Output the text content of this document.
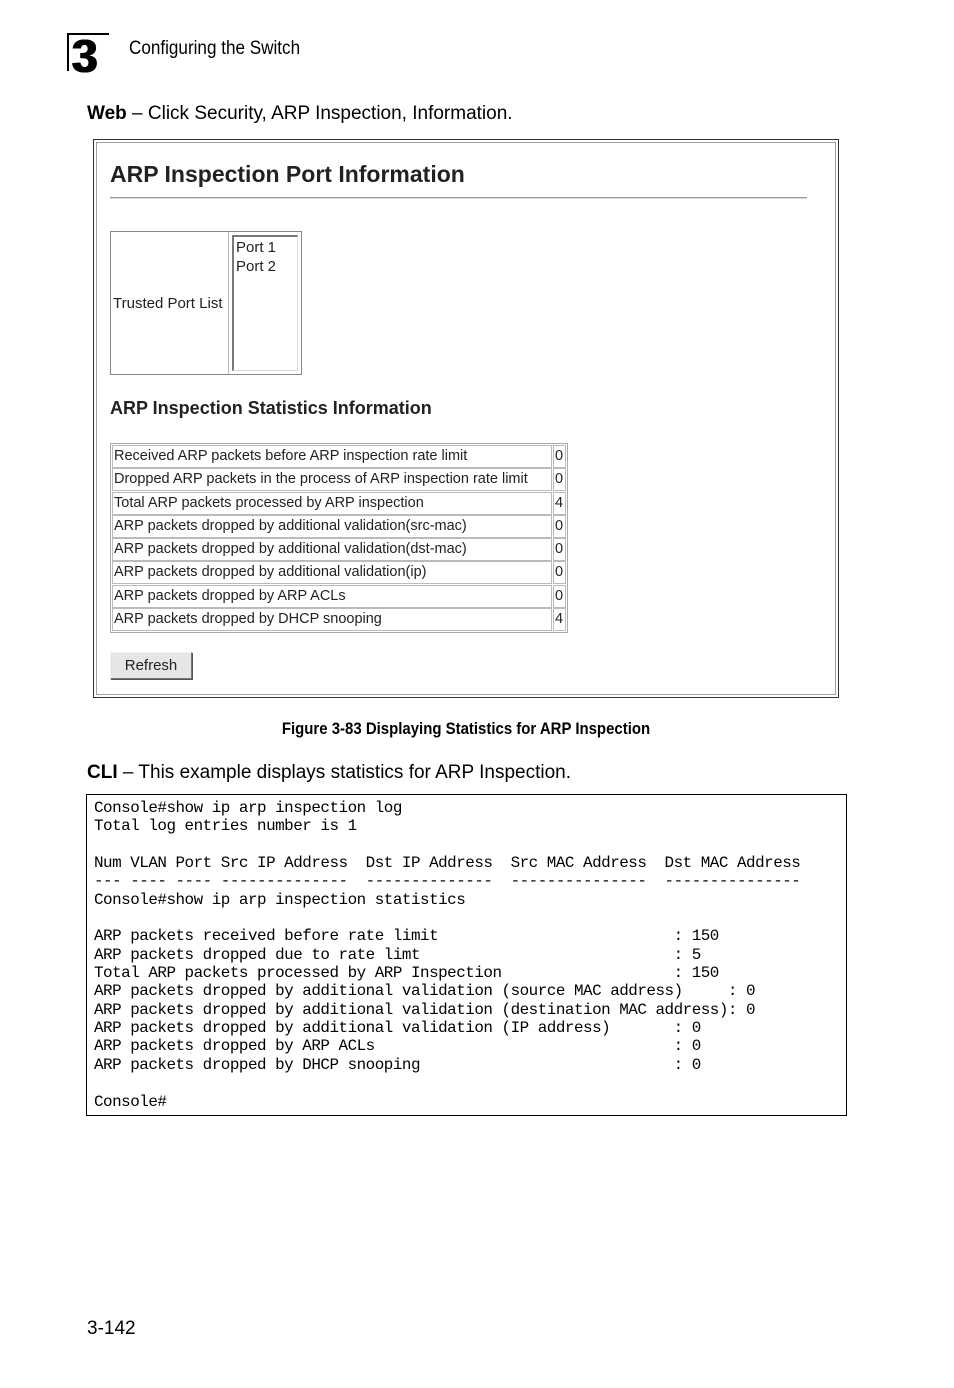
3 Configuring the Switch
Web – Click Security, ARP Inspection, Information.
ARP Inspection Port Information
Trusted Port List
Port 1
Port 2
ARP Inspection Statistics Information
Received ARP packets before ARP inspection rate limit	0
Dropped ARP packets in the process of ARP inspection rate limit	0
Total ARP packets processed by ARP inspection	4
ARP packets dropped by additional validation(src-mac)	0
ARP packets dropped by additional validation(dst-mac)	0
ARP packets dropped by additional validation(ip)	0
ARP packets dropped by ARP ACLs	0
ARP packets dropped by DHCP snooping	4
Refresh
Figure 3-83 Displaying Statistics for ARP Inspection
CLI – This example displays statistics for ARP Inspection.
Console#show ip arp inspection log
Total log entries number is 1

Num VLAN Port Src IP Address  Dst IP Address  Src MAC Address  Dst MAC Address
--- ---- ---- --------------  --------------  ---------------  ---------------
Console#show ip arp inspection statistics

ARP packets received before rate limit                          : 150
ARP packets dropped due to rate limt                            : 5
Total ARP packets processed by ARP Inspection                   : 150
ARP packets dropped by additional validation (source MAC address)     : 0
ARP packets dropped by additional validation (destination MAC address): 0
ARP packets dropped by additional validation (IP address)       : 0
ARP packets dropped by ARP ACLs                                 : 0
ARP packets dropped by DHCP snooping                            : 0

Console#
3-142
